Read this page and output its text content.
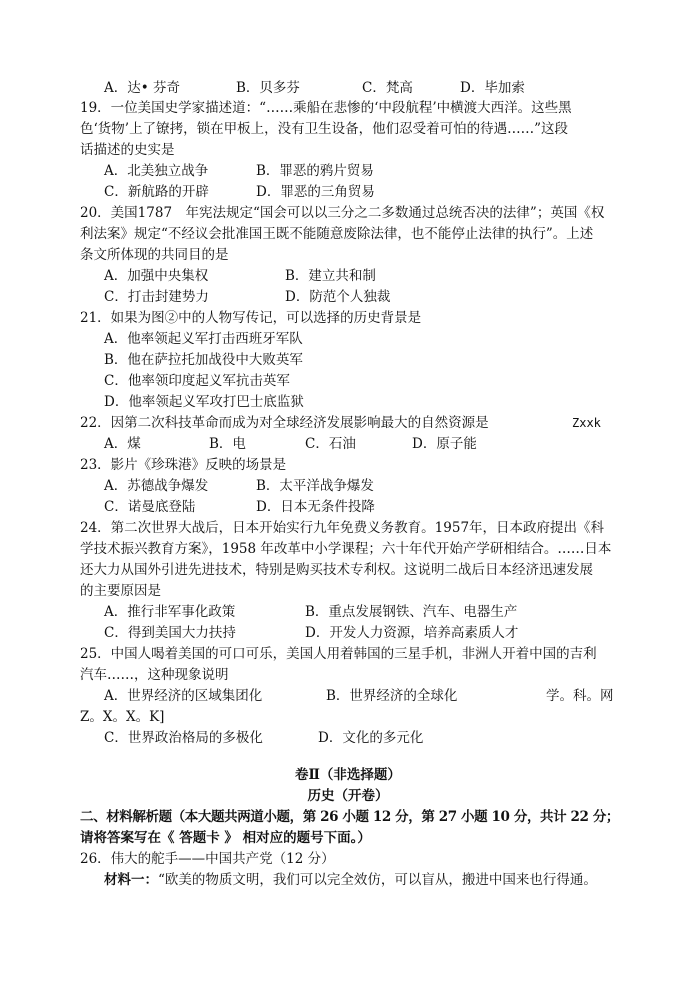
A．达• 芬奇	B．贝多芬	C．梵高	D．毕加索
19．一位美国史学家描述道：“……乘船在悲惨的‘中段航程’中横渡大西洋。这些黑
色‘货物’上了镣拷，锁在甲板上，没有卫生设备，他们忍受着可怕的待遇……”这段
话描述的史实是
A．北美独立战争	B．罪恶的鸦片贸易
C．新航路的开辟	D．罪恶的三角贸易
20．美国1787　年宪法规定“国会可以以三分之二多数通过总统否决的法律”；英国《权
利法案》规定“不经议会批准国王既不能随意废除法律，也不能停止法律的执行”。上述
条文所体现的共同目的是
A．加强中央集权	B．建立共和制
C．打击封建势力	D．防范个人独裁
21．如果为图②中的人物写传记，可以选择的历史背景是
A．他率领起义军打击西班牙军队
B．他在萨拉托加战役中大败英军
C．他率领印度起义军抗击英军
D．他率领起义军攻打巴士底监狱
22．因第二次科技革命而成为对全球经济发展影响最大的自然资源是	Zxxk
A．煤	B．电	C．石油	D．原子能
23．影片《珍珠港》反映的场景是
A．苏德战争爆发	B．太平洋战争爆发
C．诺曼底登陆	D．日本无条件投降
24．第二次世界大战后，日本开始实行九年免费义务教育。1957年，日本政府提出《科
学技术振兴教育方案》，1958 年改革中小学课程；六十年代开始产学研相结合。……日本
还大力从国外引进先进技术，特别是购买技术专利权。这说明二战后日本经济迅速发展
的主要原因是
A．推行非军事化政策	B．重点发展钢铁、汽车、电器生产
C．得到美国大力扶持	D．开发人力资源，培养高素质人才
25．中国人喝着美国的可口可乐，美国人用着韩国的三星手机，非洲人开着中国的吉利
汽车……，这种现象说明
A．世界经济的区域集团化	B．世界经济的全球化	学。科。网
Z。X。X。K]
C．世界政治格局的多极化	D．文化的多元化
卷Ⅱ（非选择题）
历史（开卷）
二、材料解析题（本大题共两道小题，第 26 小题 12 分，第 27 小题 10 分，共计 22 分；
请将答案写在《 答题卡 》 相对应的题号下面。）
26．伟大的舵手——中国共产党（12 分）
材料一：“欧美的物质文明，我们可以完全效仿，可以盲从，搬进中国来也行得通。
